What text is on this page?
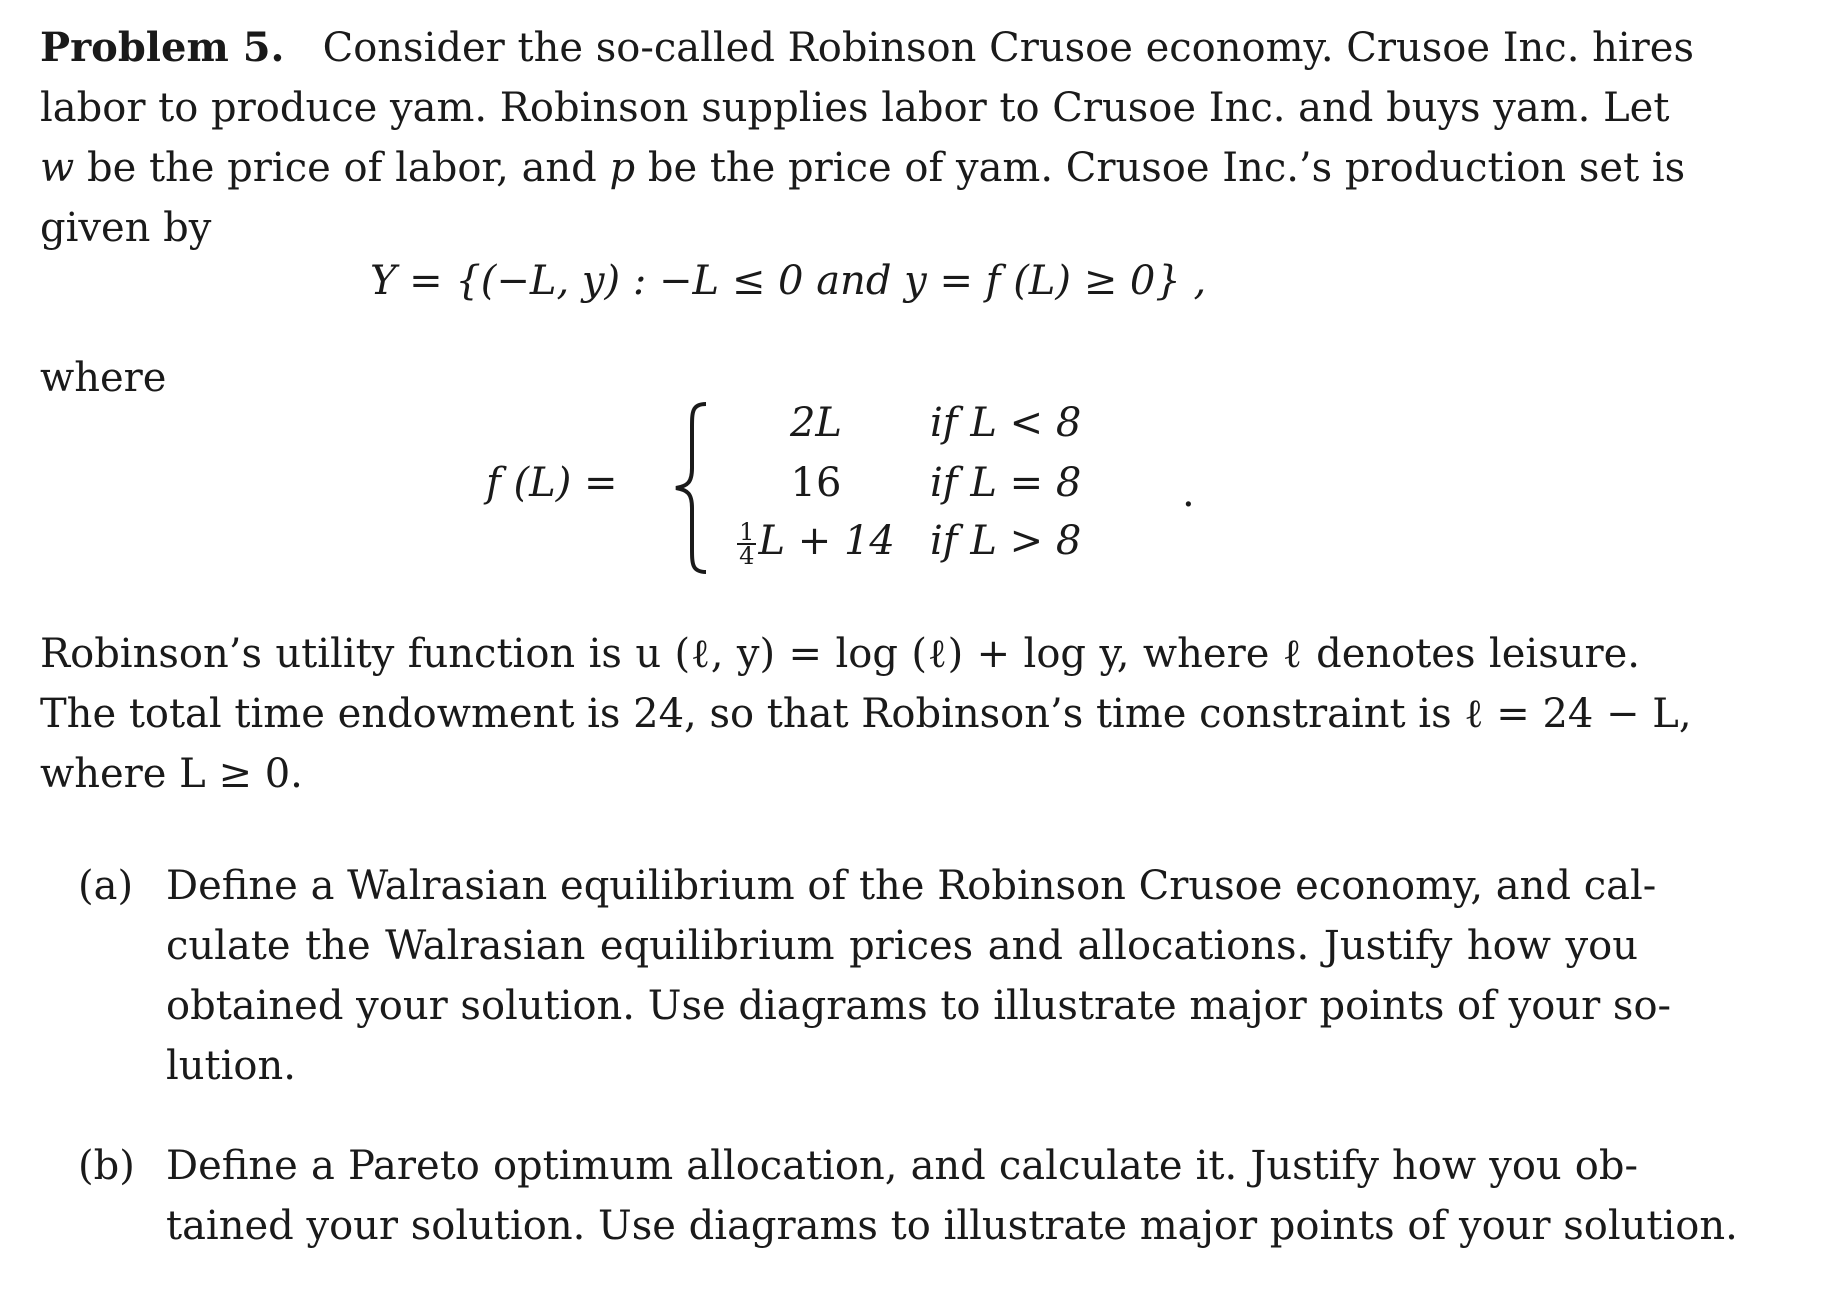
Problem 5. Consider the so-called Robinson Crusoe economy. Crusoe Inc. hires
labor to produce yam. Robinson supplies labor to Crusoe Inc. and buys yam. Let
w be the price of labor, and p be the price of yam. Crusoe Inc.’s production set is
given by
Y = {(−L, y) : −L ≤ 0 and y = f (L) ≥ 0} ,
where
f (L) =
2L	if L < 8
16	if L = 8
$\frac{1}{4}$ L + 14 if L > 8
.
Robinson’s utility function is u (ℓ, y) = log (ℓ) + log y, where ℓ denotes leisure.
The total time endowment is 24, so that Robinson’s time constraint is ℓ = 24 − L,
where L ≥ 0.
(a) Define a Walrasian equilibrium of the Robinson Crusoe economy, and cal-
culate the Walrasian equilibrium prices and allocations. Justify how you
obtained your solution. Use diagrams to illustrate major points of your so-
lution.
(b) Define a Pareto optimum allocation, and calculate it. Justify how you ob-
tained your solution. Use diagrams to illustrate major points of your solution.
